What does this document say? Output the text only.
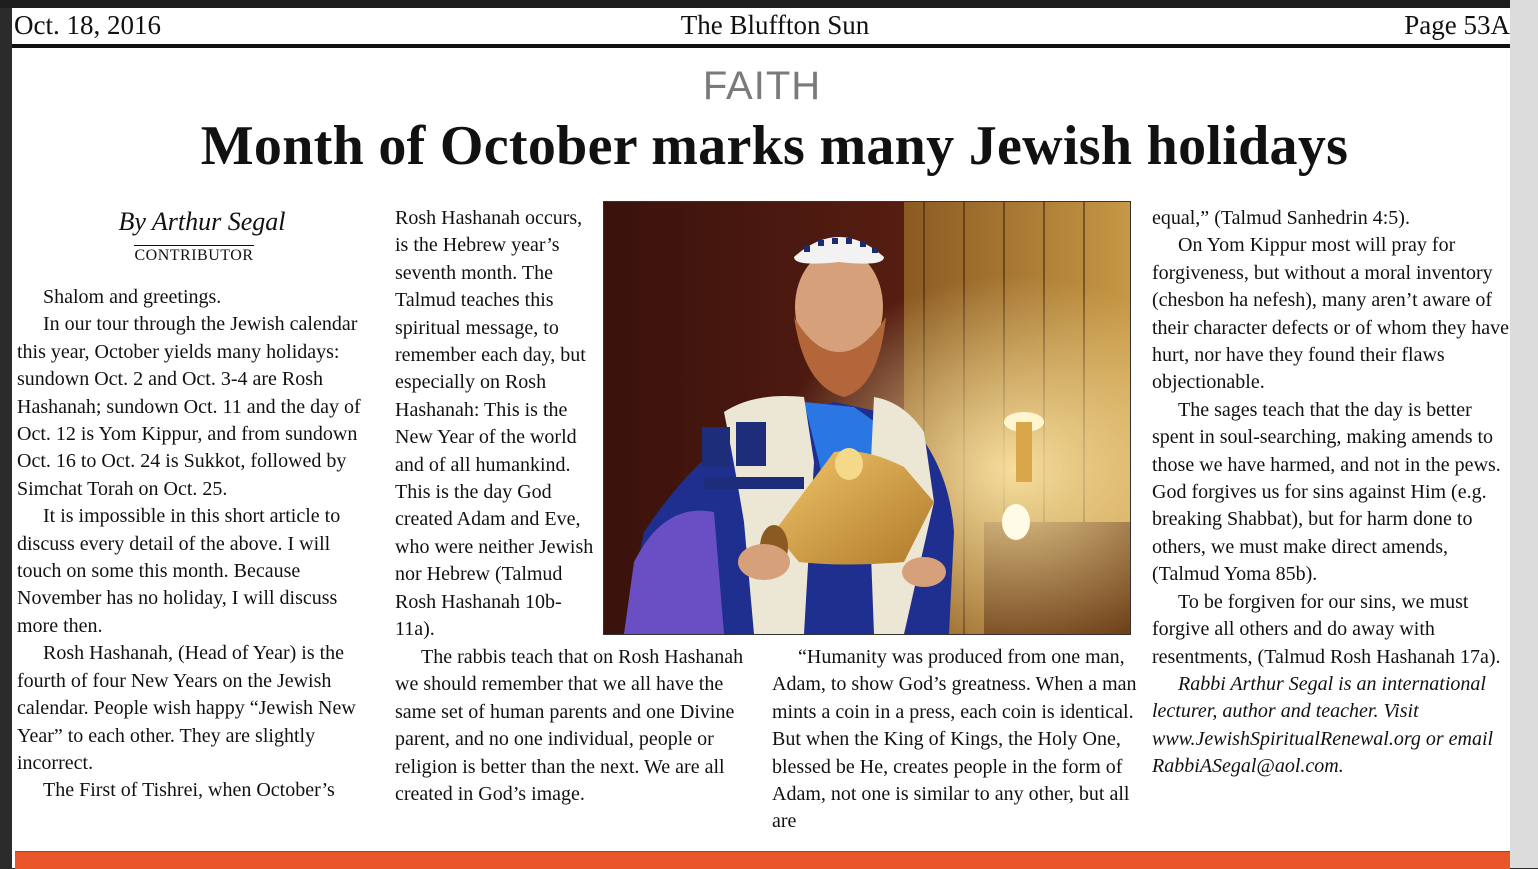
Oct. 18, 2016	The Bluffton Sun	Page 53A
FAITH
Month of October marks many Jewish holidays
By Arthur Segal
CONTRIBUTOR

Shalom and greetings.

In our tour through the Jewish calendar this year, October yields many holidays: sundown Oct. 2 and Oct. 3-4 are Rosh Hashanah; sundown Oct. 11 and the day of Oct. 12 is Yom Kippur, and from sundown Oct. 16 to Oct. 24 is Sukkot, followed by Simchat Torah on Oct. 25.

It is impossible in this short article to discuss every detail of the above. I will touch on some this month. Because November has no holiday, I will discuss more then.

Rosh Hashanah, (Head of Year) is the fourth of four New Years on the Jewish calendar. People wish happy “Jewish New Year” to each other. They are slightly incorrect.

The First of Tishrei, when October’s

Rosh Hashanah occurs, is the Hebrew year’s seventh month. The Talmud teaches this spiritual message, to remember each day, but especially on Rosh Hashanah: This is the New Year of the world and of all humankind. This is the day God created Adam and Eve, who were neither Jewish nor Hebrew (Talmud Rosh Hashanah 10b-11a).

The rabbis teach that on Rosh Hashanah we should remember that we all have the same set of human parents and one Divine parent, and no one individual, people or religion is better than the next. We are all created in God’s image.

“Humanity was produced from one man, Adam, to show God’s greatness. When a man mints a coin in a press, each coin is identical. But when the King of Kings, the Holy One, blessed be He, creates people in the form of Adam, not one is similar to any other, but all are

equal,” (Talmud Sanhedrin 4:5).

On Yom Kippur most will pray for forgiveness, but without a moral inventory (chesbon ha nefesh), many aren’t aware of their character defects or of whom they have hurt, nor have they found their flaws objectionable.

The sages teach that the day is better spent in soul-searching, making amends to those we have harmed, and not in the pews. God forgives us for sins against Him (e.g. breaking Shabbat), but for harm done to others, we must make direct amends, (Talmud Yoma 85b).

To be forgiven for our sins, we must forgive all others and do away with resentments, (Talmud Rosh Hashanah 17a).

Rabbi Arthur Segal is an international lecturer, author and teacher. Visit www.JewishSpiritualRenewal.org or email RabbiASegal@aol.com.
